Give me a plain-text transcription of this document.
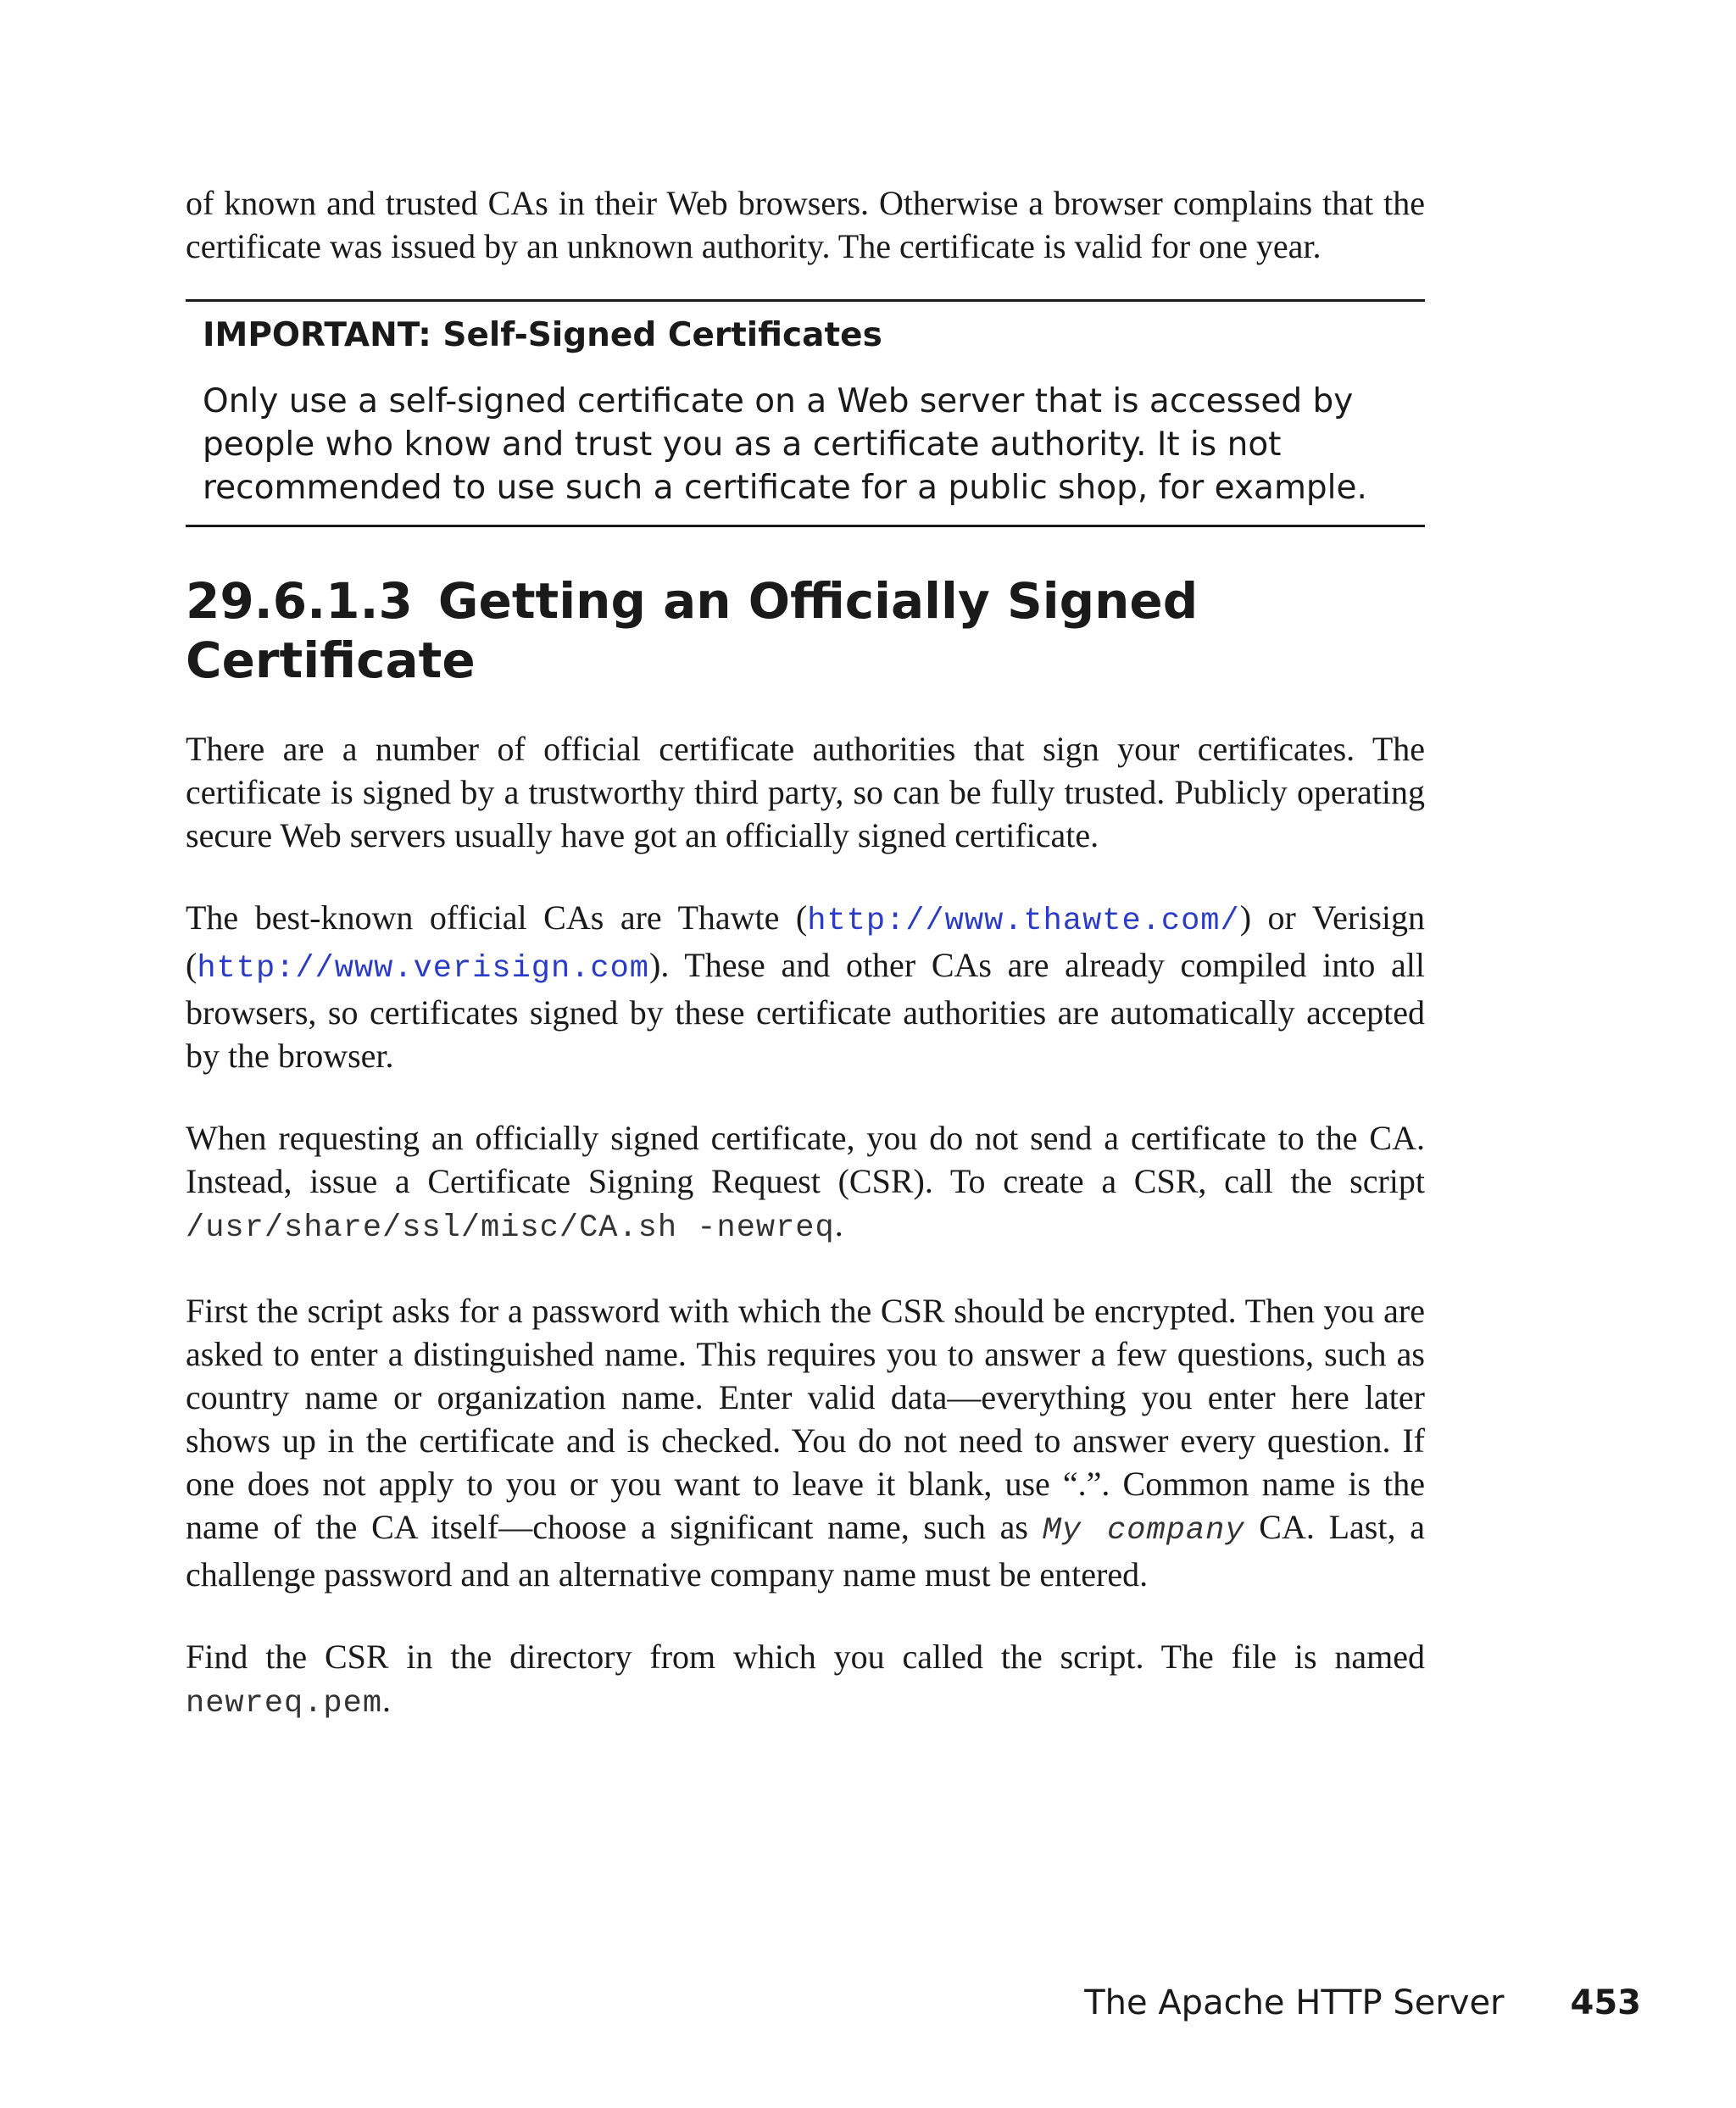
of known and trusted CAs in their Web browsers. Otherwise a browser complains that the certificate was issued by an unknown authority. The certificate is valid for one year.

IMPORTANT: Self-Signed Certificates

Only use a self-signed certificate on a Web server that is accessed by people who know and trust you as a certificate authority. It is not recommended to use such a certificate for a public shop, for example.

29.6.1.3 Getting an Officially Signed Certificate

There are a number of official certificate authorities that sign your certificates. The certificate is signed by a trustworthy third party, so can be fully trusted. Publicly operating secure Web servers usually have got an officially signed certificate.

The best-known official CAs are Thawte (http://www.thawte.com/) or Verisign (http://www.verisign.com). These and other CAs are already compiled into all browsers, so certificates signed by these certificate authorities are automatically accepted by the browser.

When requesting an officially signed certificate, you do not send a certificate to the CA. Instead, issue a Certificate Signing Request (CSR). To create a CSR, call the script /usr/share/ssl/misc/CA.sh -newreq.

First the script asks for a password with which the CSR should be encrypted. Then you are asked to enter a distinguished name. This requires you to answer a few questions, such as country name or organization name. Enter valid data—everything you enter here later shows up in the certificate and is checked. You do not need to answer every question. If one does not apply to you or you want to leave it blank, use “.”. Common name is the name of the CA itself—choose a significant name, such as My company CA. Last, a challenge password and an alternative company name must be entered.

Find the CSR in the directory from which you called the script. The file is named newreq.pem.

The Apache HTTP Server 453
